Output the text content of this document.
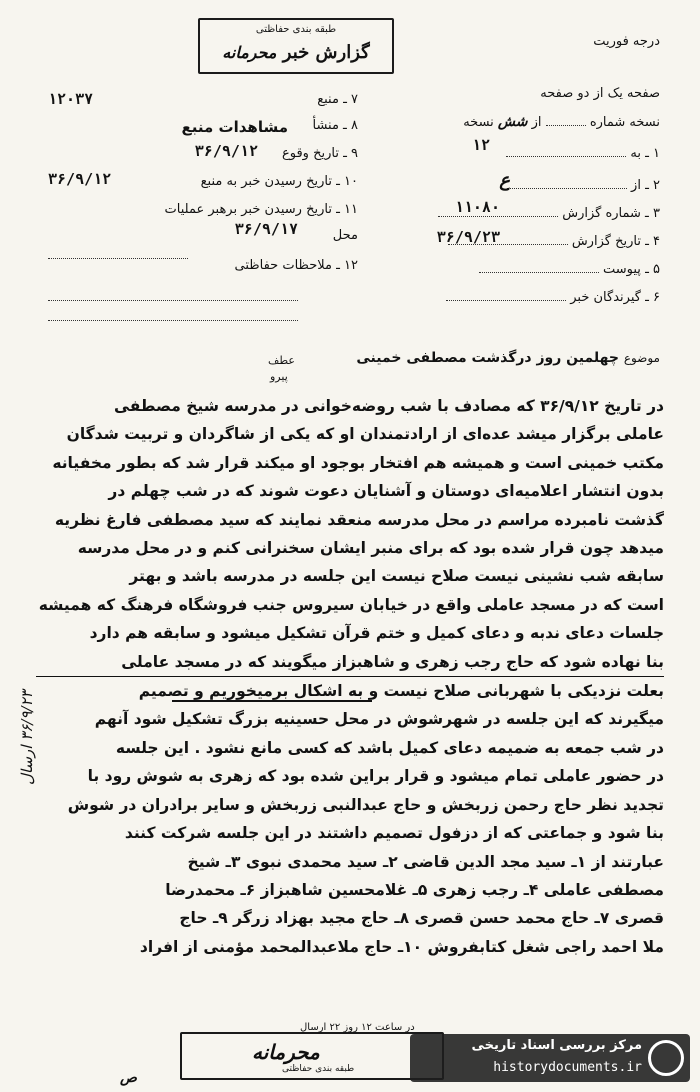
درجه فوریت
طبقه بندی حفاظتی
گزارش خبر محرمانه
صفحه یک از دو صفحه
نسخه شماره  از شش نسخه
۱ ـ به
۱۲
۲ ـ از
ع
۳ ـ شماره گزارش
۱۱۰۸۰
۴ ـ تاریخ گزارش
۳۶/۹/۲۳
۵ ـ پیوست
۶ ـ گیرندگان خبر
۱۲۰۳۷	۷ ـ منبع
۸ ـ منشأ
مشاهدات منبع
۹ ـ تاریخ وقوع
۳۶/۹/۱۲
۱۰ ـ تاریخ رسیدن خبر به منبع
۳۶/۹/۱۲
۱۱ ـ تاریخ رسیدن خبر برهبر عملیات
محل
۳۶/۹/۱۷
۱۲ ـ ملاحظات حفاظتی
موضوع چهلمین روز درگذشت مصطفی خمینی
عطف
پیرو
در تاریخ ۳۶/۹/۱۲ که مصادف با شب روضه‌خوانی در مدرسه شیخ مصطفی
عاملی برگزار میشد عده‌ای از ارادتمندان او که یکی از شاگردان و تربیت شدگان
مکتب خمینی است و همیشه هم افتخار بوجود او میکند قرار شد که بطور مخفیانه
بدون انتشار اعلامیه‌ای دوستان و آشنایان دعوت شوند که در شب چهلم در
گذشت نامبرده مراسم در محل مدرسه منعقد نمایند که سید مصطفی فارغ نظریه
میدهد چون قرار شده بود که برای منبر ایشان سخنرانی کنم و در محل مدرسه
سابقه شب نشینی نیست صلاح نیست این جلسه در مدرسه باشد و بهتر
است که در مسجد عاملی واقع در خیابان سیروس جنب فروشگاه فرهنگ که همیشه
جلسات دعای ندبه و دعای کمیل و ختم قرآن تشکیل میشود و سابقه هم دارد
بنا نهاده شود که حاج رجب زهری و شاهبزاز میگویند که در مسجد عاملی
بعلت نزدیکی با شهربانی صلاح نیست و به اشکال برمیخوریم و تصمیم
میگیرند که این جلسه در شهرشوش در محل حسینیه بزرگ تشکیل شود آنهم
در شب جمعه به ضمیمه دعای کمیل باشد که کسی مانع نشود . این جلسه
در حضور عاملی تمام میشود و قرار براین شده بود که زهری به شوش رود با
تجدید نظر حاج رحمن زربخش و حاج عبدالنبی زربخش و سایر برادران در شوش
بنا شود و جماعتی که از دزفول تصمیم داشتند در این جلسه شرکت کنند
عبارتند از ۱ـ سید مجد الدین قاضی ۲ـ سید محمدی نبوی ۳ـ شیخ
مصطفی عاملی ۴ـ رجب زهری ۵ـ غلامحسین شاهبزاز ۶ـ محمدرضا
قصری ۷ـ حاج محمد حسن قصری ۸ـ حاج مجید بهزاد زرگر ۹ـ حاج
ملا احمد راجی شغل کتابفروش ۱۰ـ حاج ملاعبدالمحمد مؤمنی از افراد
۳۶/۹/۲۳ ارسال
محرمانه
طبقه بندی حفاظتی
در ساعت ۱۲ روز ۲۲ ارسال
ص
مرکز بررسی اسناد تاریخی
historydocuments.ir
